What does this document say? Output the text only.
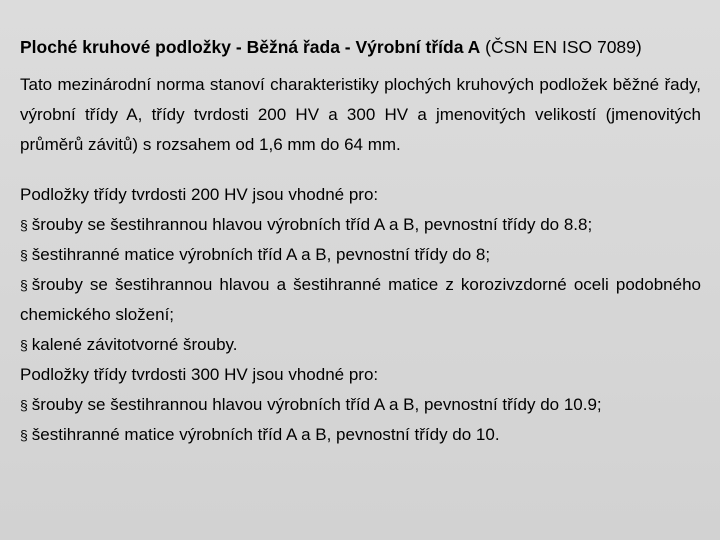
Ploché kruhové podložky - Běžná řada - Výrobní třída A (ČSN EN ISO 7089)

Tato mezinárodní norma stanoví charakteristiky plochých kruhových podložek běžné řady, výrobní třídy A, třídy tvrdosti 200 HV a 300 HV a jmenovitých velikostí (jmenovitých průměrů závitů) s rozsahem od 1,6 mm do 64 mm.

Podložky třídy tvrdosti 200 HV jsou vhodné pro:

§ šrouby se šestihrannou hlavou výrobních tříd A a B, pevnostní třídy do 8.8;

§ šestihranné matice výrobních tříd A a B, pevnostní třídy do 8;

§ šrouby se šestihrannou hlavou a šestihranné matice z korozivzdorné oceli podobného chemického složení;

§ kalené závitotvorné šrouby.

Podložky třídy tvrdosti 300 HV jsou vhodné pro:

§ šrouby se šestihrannou hlavou výrobních tříd A a B, pevnostní třídy do 10.9;

§ šestihranné matice výrobních tříd A a B, pevnostní třídy do 10.
